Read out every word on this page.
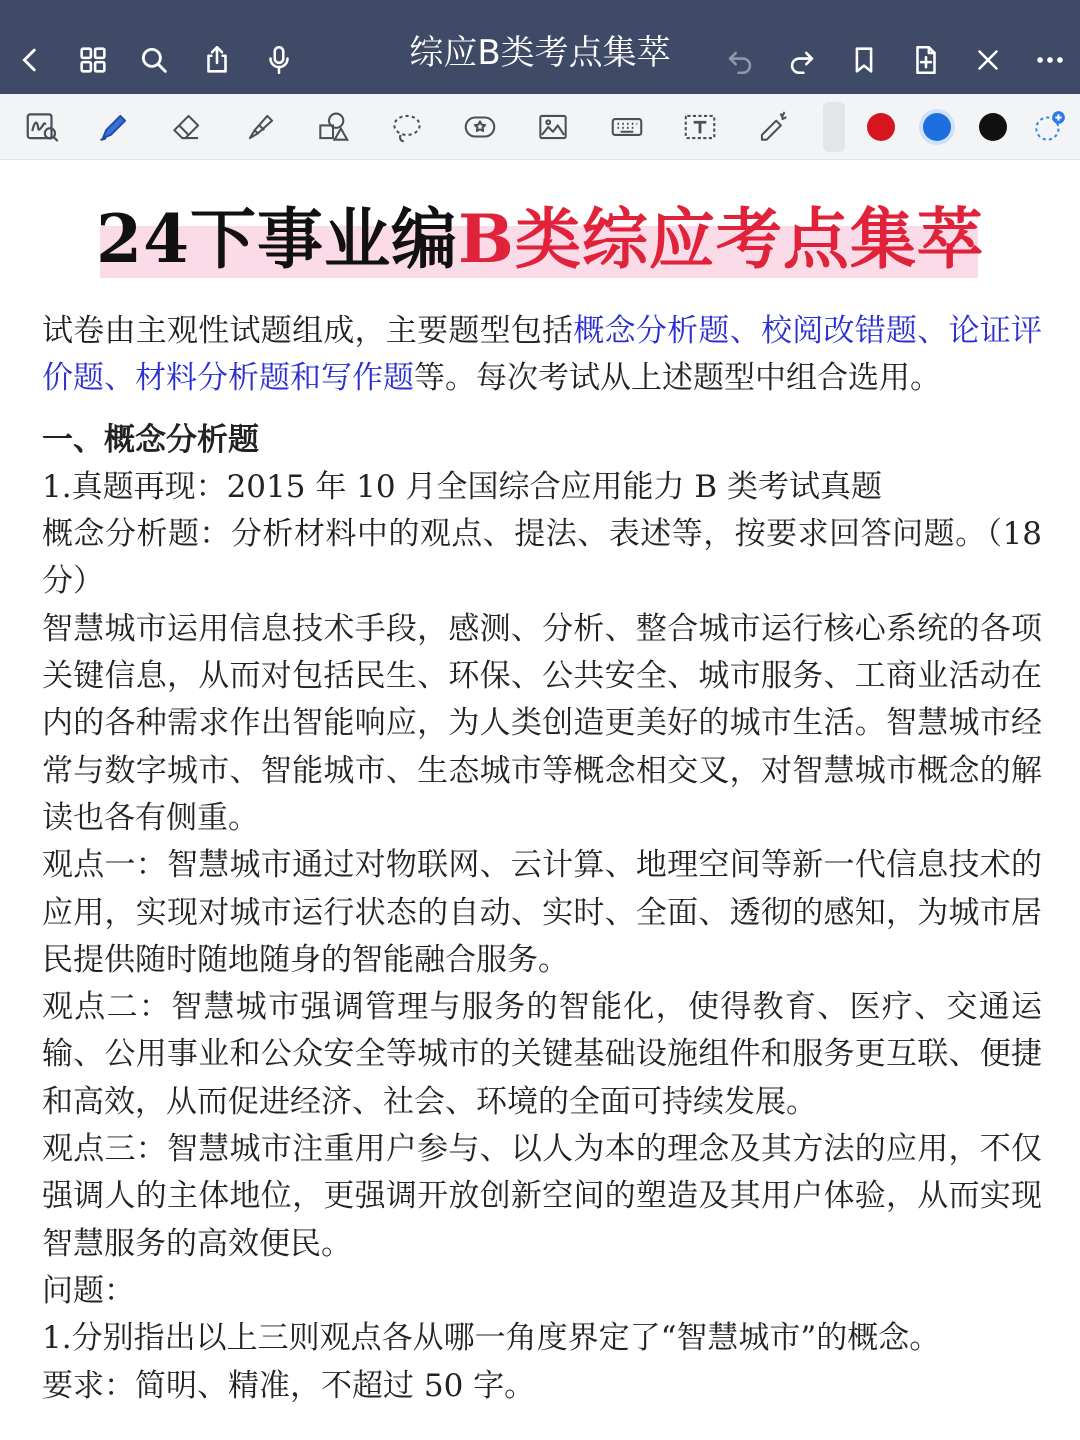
综应B类考点集萃
24下事业编B类综应考点集萃

试卷由主观性试题组成，主要题型包括概念分析题、校阅改错题、论证评价题、材料分析题和写作题等。每次考试从上述题型中组合选用。

一、概念分析题

1.真题再现：2015 年 10 月全国综合应用能力 B 类考试真题

概念分析题：分析材料中的观点、提法、表述等，按要求回答问题。（18 分）

智慧城市运用信息技术手段，感测、分析、整合城市运行核心系统的各项关键信息，从而对包括民生、环保、公共安全、城市服务、工商业活动在内的各种需求作出智能响应，为人类创造更美好的城市生活。智慧城市经常与数字城市、智能城市、生态城市等概念相交叉，对智慧城市概念的解读也各有侧重。

观点一：智慧城市通过对物联网、云计算、地理空间等新一代信息技术的应用，实现对城市运行状态的自动、实时、全面、透彻的感知，为城市居民提供随时随地随身的智能融合服务。

观点二：智慧城市强调管理与服务的智能化，使得教育、医疗、交通运输、公用事业和公众安全等城市的关键基础设施组件和服务更互联、便捷和高效，从而促进经济、社会、环境的全面可持续发展。

观点三：智慧城市注重用户参与、以人为本的理念及其方法的应用，不仅强调人的主体地位，更强调开放创新空间的塑造及其用户体验，从而实现智慧服务的高效便民。

问题：

1.分别指出以上三则观点各从哪一角度界定了“智慧城市”的概念。

要求：简明、精准，不超过 50 字。
